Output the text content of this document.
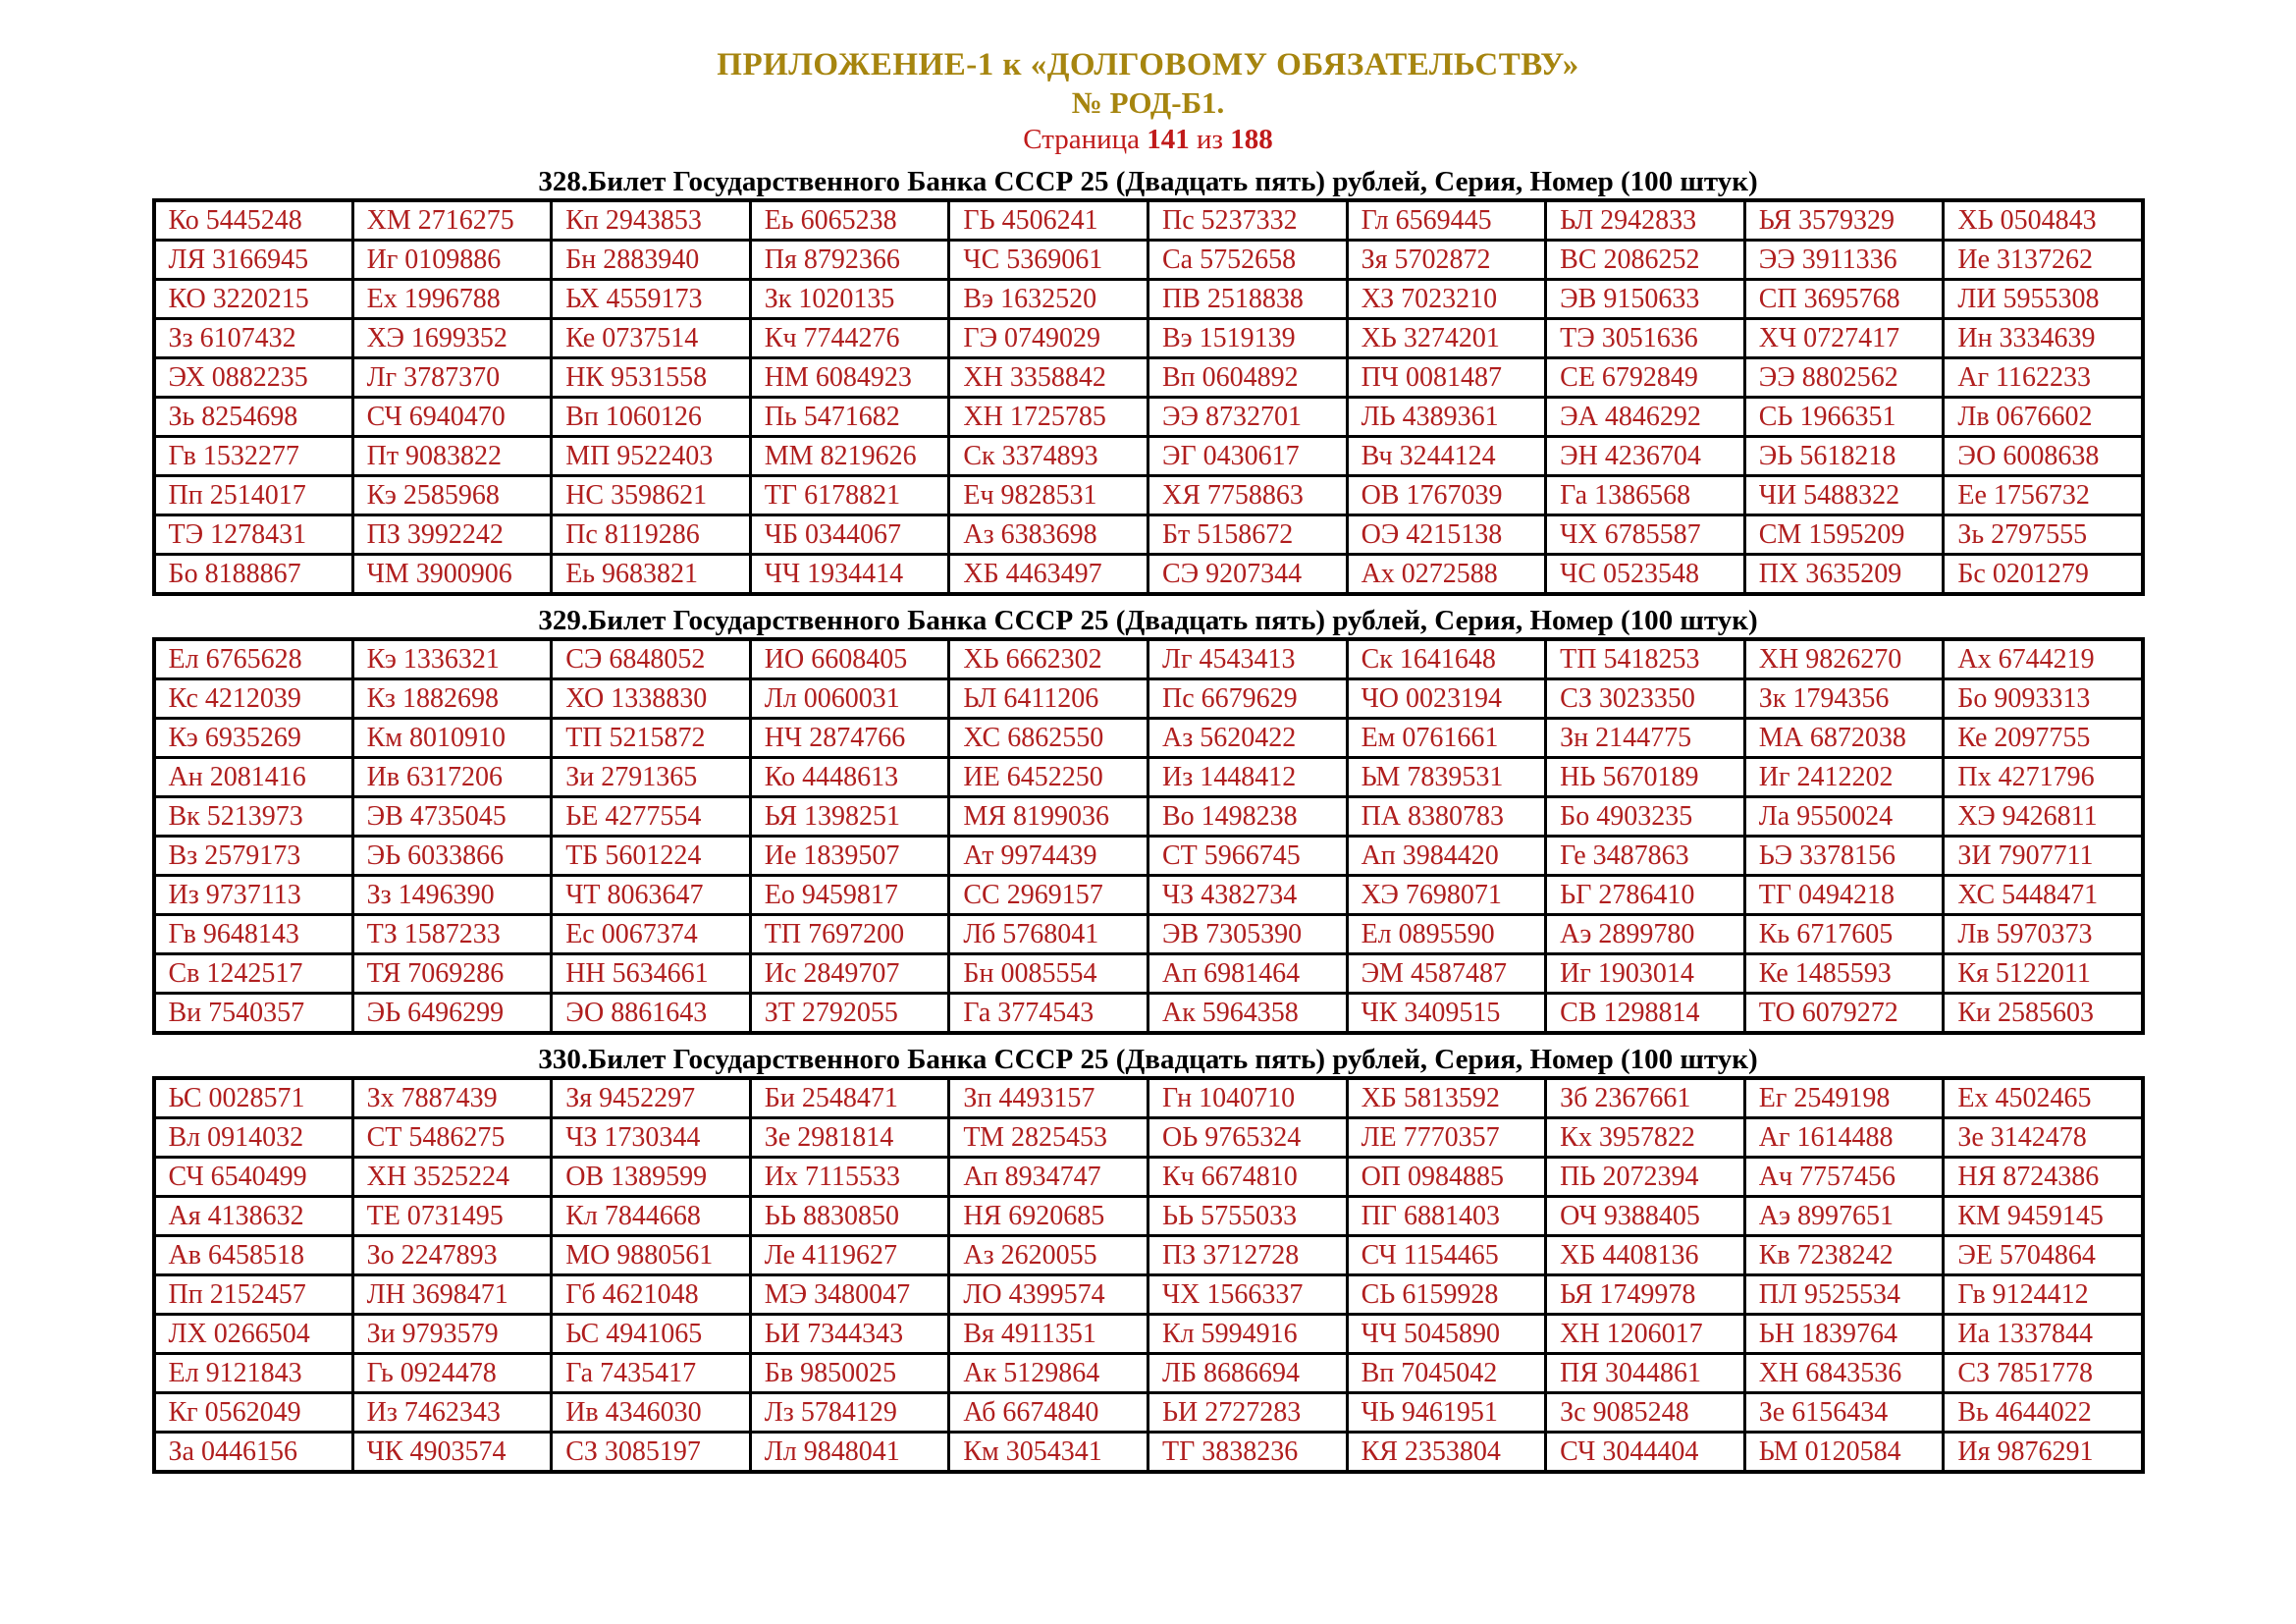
ПРИЛОЖЕНИЕ-1 к «ДОЛГОВОМУ ОБЯЗАТЕЛЬСТВУ»
№ РОД-Б1.
Страница 141 из 188
328.Билет Государственного Банка СССР 25 (Двадцать пять) рублей, Серия, Номер (100 штук)
Ко 5445248	ХМ 2716275	Кп 2943853	Еь 6065238	ГЬ 4506241	Пс 5237332	Гл 6569445	ЬЛ 2942833	ЬЯ 3579329	ХЬ 0504843
ЛЯ 3166945	Иг 0109886	Бн 2883940	Пя 8792366	ЧС 5369061	Са 5752658	Зя 5702872	ВС 2086252	ЭЭ 3911336	Ие 3137262
КО 3220215	Ех 1996788	ЬХ 4559173	Зк 1020135	Вэ 1632520	ПВ 2518838	ХЗ 7023210	ЭВ 9150633	СП 3695768	ЛИ 5955308
Зз 6107432	ХЭ 1699352	Ке 0737514	Кч 7744276	ГЭ 0749029	Вэ 1519139	ХЬ 3274201	ТЭ 3051636	ХЧ 0727417	Ин 3334639
ЭХ 0882235	Лг 3787370	НК 9531558	НМ 6084923	ХН 3358842	Вп 0604892	ПЧ 0081487	СЕ 6792849	ЭЭ 8802562	Аг 1162233
Зь 8254698	СЧ 6940470	Вп 1060126	Пь 5471682	ХН 1725785	ЭЭ 8732701	ЛЬ 4389361	ЭА 4846292	СЬ 1966351	Лв 0676602
Гв 1532277	Пт 9083822	МП 9522403	ММ 8219626	Ск 3374893	ЭГ 0430617	Вч 3244124	ЭН 4236704	ЭЬ 5618218	ЭО 6008638
Пп 2514017	Кэ 2585968	НС 3598621	ТГ 6178821	Еч 9828531	ХЯ 7758863	ОВ 1767039	Га 1386568	ЧИ 5488322	Ее 1756732
ТЭ 1278431	ПЗ 3992242	Пс 8119286	ЧБ 0344067	Аз 6383698	Бт 5158672	ОЭ 4215138	ЧХ 6785587	СМ 1595209	Зь 2797555
Бо 8188867	ЧМ 3900906	Еь 9683821	ЧЧ 1934414	ХБ 4463497	СЭ 9207344	Ах 0272588	ЧС 0523548	ПХ 3635209	Бс 0201279
329.Билет Государственного Банка СССР 25 (Двадцать пять) рублей, Серия, Номер (100 штук)
Ел 6765628	Кэ 1336321	СЭ 6848052	ИО 6608405	ХЬ 6662302	Лг 4543413	Ск 1641648	ТП 5418253	ХН 9826270	Ах 6744219
Кс 4212039	Кз 1882698	ХО 1338830	Лл 0060031	ЬЛ 6411206	Пс 6679629	ЧО 0023194	СЗ 3023350	Зк 1794356	Бо 9093313
Кэ 6935269	Км 8010910	ТП 5215872	НЧ 2874766	ХС 6862550	Аз 5620422	Ем 0761661	Зн 2144775	МА 6872038	Ке 2097755
Ан 2081416	Ив 6317206	Зи 2791365	Ко 4448613	ИЕ 6452250	Из 1448412	ЬМ 7839531	НЬ 5670189	Иг 2412202	Пх 4271796
Вк 5213973	ЭВ 4735045	ЬЕ 4277554	ЬЯ 1398251	МЯ 8199036	Во 1498238	ПА 8380783	Бо 4903235	Ла 9550024	ХЭ 9426811
Вз 2579173	ЭЬ 6033866	ТБ 5601224	Ие 1839507	Ат 9974439	СТ 5966745	Ап 3984420	Ге 3487863	ЬЭ 3378156	ЗИ 7907711
Из 9737113	Зз 1496390	ЧТ 8063647	Ео 9459817	СС 2969157	ЧЗ 4382734	ХЭ 7698071	ЬГ 2786410	ТГ 0494218	ХС 5448471
Гв 9648143	ТЗ 1587233	Ес 0067374	ТП 7697200	Лб 5768041	ЭВ 7305390	Ел 0895590	Аэ 2899780	Кь 6717605	Лв 5970373
Св 1242517	ТЯ 7069286	НН 5634661	Ис 2849707	Бн 0085554	Ап 6981464	ЭМ 4587487	Иг 1903014	Ке 1485593	Кя 5122011
Ви 7540357	ЭЬ 6496299	ЭО 8861643	ЗТ 2792055	Га 3774543	Ак 5964358	ЧК 3409515	СВ 1298814	ТО 6079272	Ки 2585603
330.Билет Государственного Банка СССР 25 (Двадцать пять) рублей, Серия, Номер (100 штук)
ЬС 0028571	Зх 7887439	Зя 9452297	Би 2548471	Зп 4493157	Гн 1040710	ХБ 5813592	Зб 2367661	Ег 2549198	Ех 4502465
Вл 0914032	СТ 5486275	ЧЗ 1730344	Зе 2981814	ТМ 2825453	ОЬ 9765324	ЛЕ 7770357	Кх 3957822	Аг 1614488	Зе 3142478
СЧ 6540499	ХН 3525224	ОВ 1389599	Их 7115533	Ап 8934747	Кч 6674810	ОП 0984885	ПЬ 2072394	Ач 7757456	НЯ 8724386
Ая 4138632	ТЕ 0731495	Кл 7844668	ЬЬ 8830850	НЯ 6920685	ЬЬ 5755033	ПГ 6881403	ОЧ 9388405	Аэ 8997651	КМ 9459145
Ав 6458518	Зо 2247893	МО 9880561	Ле 4119627	Аз 2620055	ПЗ 3712728	СЧ 1154465	ХБ 4408136	Кв 7238242	ЭЕ 5704864
Пп 2152457	ЛН 3698471	Гб 4621048	МЭ 3480047	ЛО 4399574	ЧХ 1566337	СЬ 6159928	ЬЯ 1749978	ПЛ 9525534	Гв 9124412
ЛХ 0266504	Зи 9793579	ЬС 4941065	ЬИ 7344343	Вя 4911351	Кл 5994916	ЧЧ 5045890	ХН 1206017	ЬН 1839764	Иа 1337844
Ел 9121843	Гь 0924478	Га 7435417	Бв 9850025	Ак 5129864	ЛБ 8686694	Вп 7045042	ПЯ 3044861	ХН 6843536	СЗ 7851778
Кг 0562049	Из 7462343	Ив 4346030	Лз 5784129	Аб 6674840	ЬИ 2727283	ЧЬ 9461951	Зс 9085248	Зе 6156434	Вь 4644022
За 0446156	ЧК 4903574	СЗ 3085197	Лл 9848041	Км 3054341	ТГ 3838236	КЯ 2353804	СЧ 3044404	ЬМ 0120584	Ия 9876291
